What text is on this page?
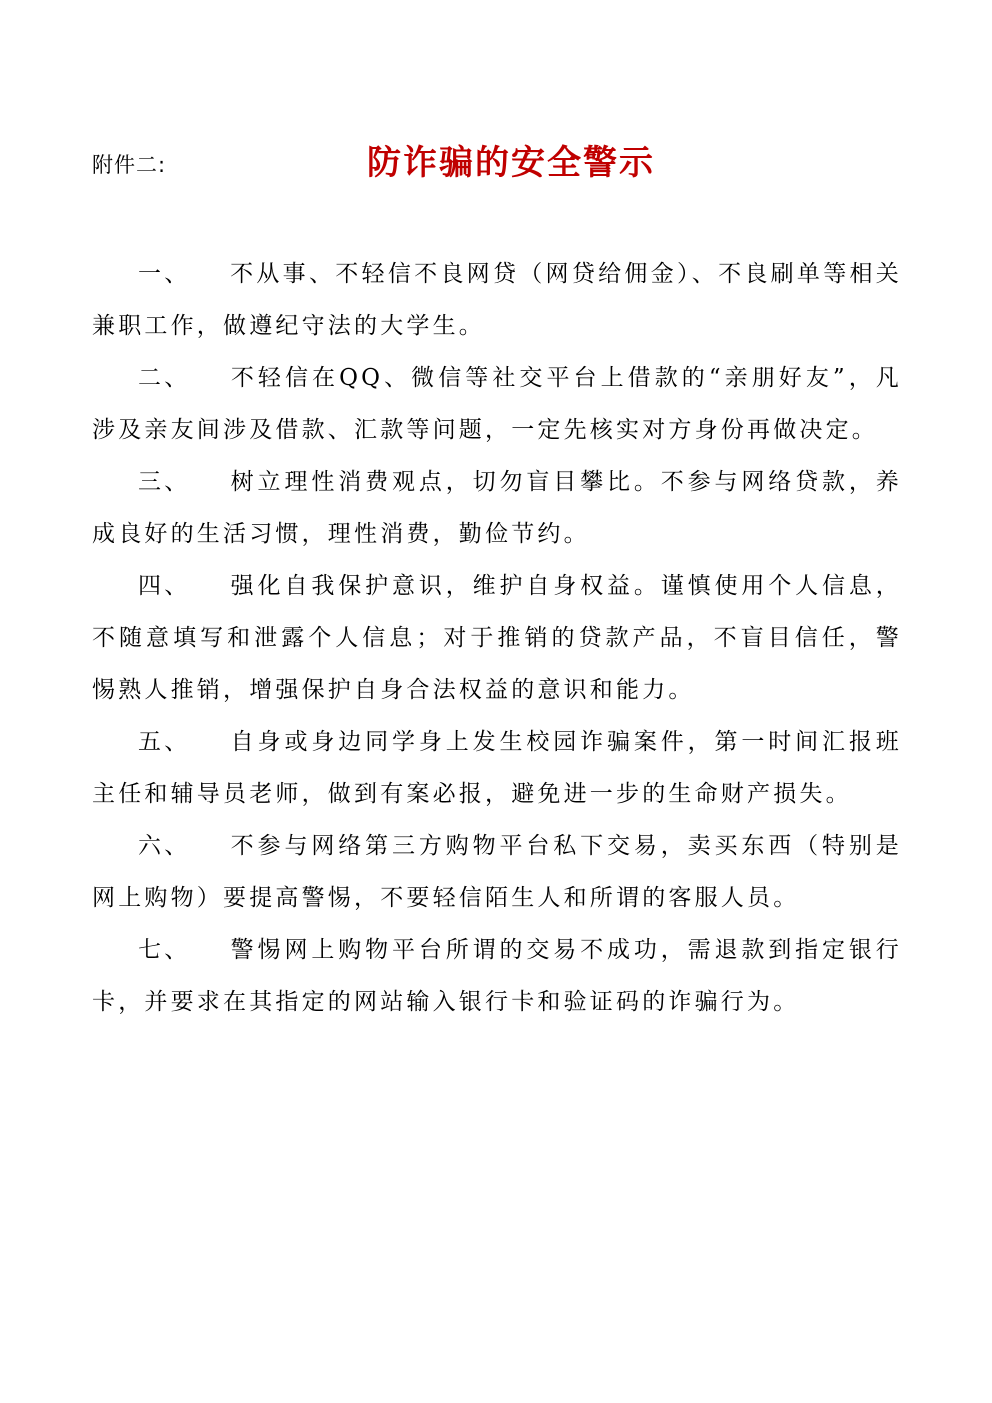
附件二:	防诈骗的安全警示

一、 不从事、不轻信不良网贷（网贷给佣金）、不良刷单等相关兼职工作，做遵纪守法的大学生。

二、 不轻信在QQ、微信等社交平台上借款的“亲朋好友”，凡涉及亲友间涉及借款、汇款等问题，一定先核实对方身份再做决定。

三、 树立理性消费观点，切勿盲目攀比。不参与网络贷款，养成良好的生活习惯，理性消费，勤俭节约。

四、 强化自我保护意识，维护自身权益。谨慎使用个人信息，不随意填写和泄露个人信息；对于推销的贷款产品，不盲目信任，警惕熟人推销，增强保护自身合法权益的意识和能力。

五、 自身或身边同学身上发生校园诈骗案件，第一时间汇报班主任和辅导员老师，做到有案必报，避免进一步的生命财产损失。

六、 不参与网络第三方购物平台私下交易，卖买东西（特别是网上购物）要提高警惕，不要轻信陌生人和所谓的客服人员。

七、 警惕网上购物平台所谓的交易不成功，需退款到指定银行卡，并要求在其指定的网站输入银行卡和验证码的诈骗行为。
